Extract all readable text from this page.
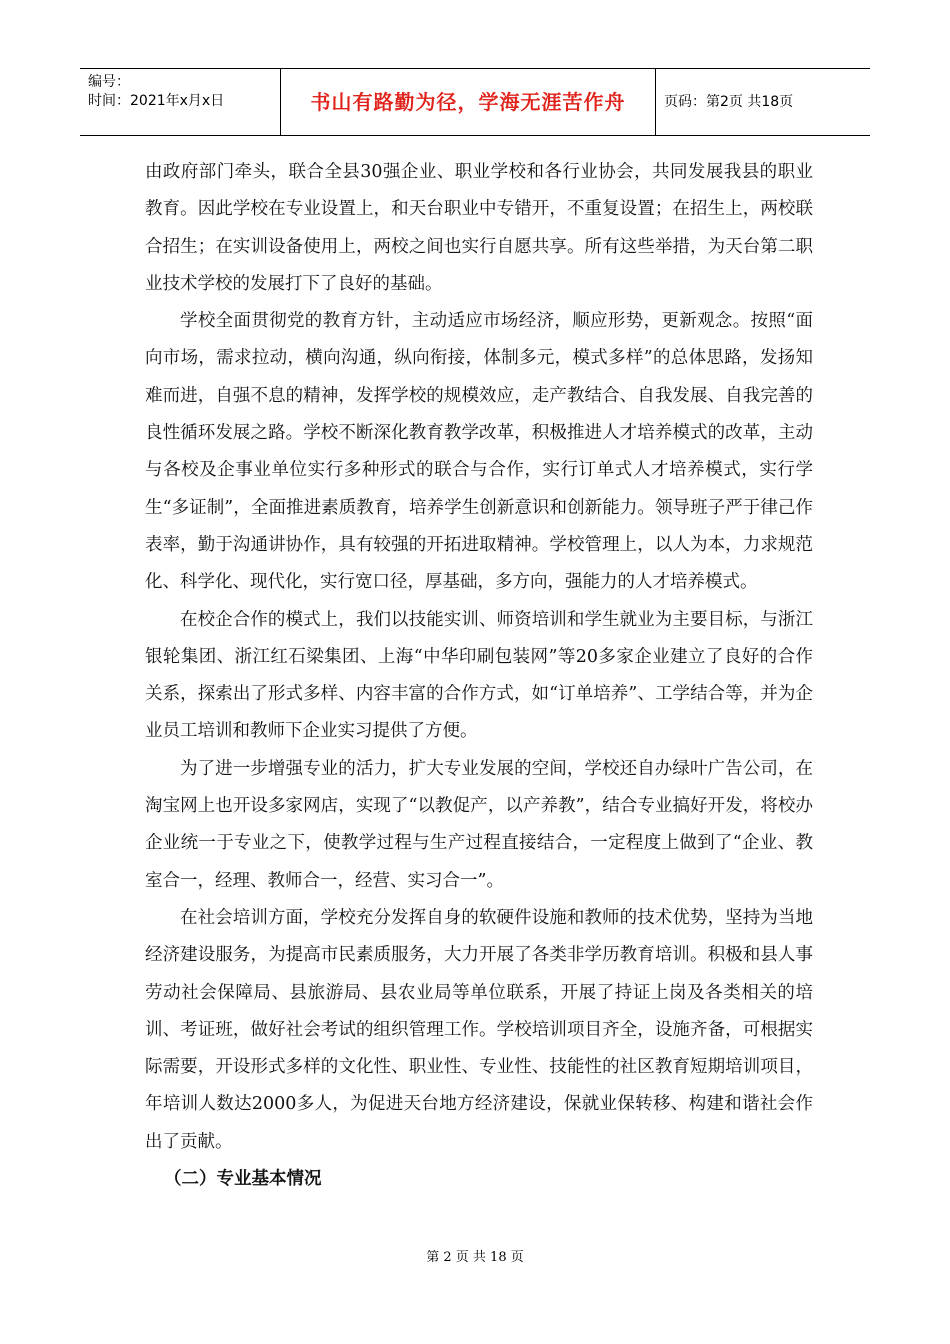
编号：
时间：2021年x月x日	书山有路勤为径，学海无涯苦作舟	页码：第2页 共18页

由政府部门牵头，联合全县30强企业、职业学校和各行业协会，共同发展我县的职业教育。因此学校在专业设置上，和天台职业中专错开，不重复设置；在招生上，两校联合招生；在实训设备使用上，两校之间也实行自愿共享。所有这些举措，为天台第二职业技术学校的发展打下了良好的基础。

学校全面贯彻党的教育方针，主动适应市场经济，顺应形势，更新观念。按照“面向市场，需求拉动，横向沟通，纵向衔接，体制多元，模式多样”的总体思路，发扬知难而进，自强不息的精神，发挥学校的规模效应，走产教结合、自我发展、自我完善的良性循环发展之路。学校不断深化教育教学改革，积极推进人才培养模式的改革，主动与各校及企事业单位实行多种形式的联合与合作，实行订单式人才培养模式，实行学生“多证制”，全面推进素质教育，培养学生创新意识和创新能力。领导班子严于律己作表率，勤于沟通讲协作，具有较强的开拓进取精神。学校管理上，以人为本，力求规范化、科学化、现代化，实行宽口径，厚基础，多方向，强能力的人才培养模式。

在校企合作的模式上，我们以技能实训、师资培训和学生就业为主要目标，与浙江银轮集团、浙江红石梁集团、上海“中华印刷包装网”等20多家企业建立了良好的合作关系，探索出了形式多样、内容丰富的合作方式，如“订单培养”、工学结合等，并为企业员工培训和教师下企业实习提供了方便。

为了进一步增强专业的活力，扩大专业发展的空间，学校还自办绿叶广告公司，在淘宝网上也开设多家网店，实现了“以教促产，以产养教”，结合专业搞好开发，将校办企业统一于专业之下，使教学过程与生产过程直接结合，一定程度上做到了“企业、教室合一，经理、教师合一，经营、实习合一”。

在社会培训方面，学校充分发挥自身的软硬件设施和教师的技术优势，坚持为当地经济建设服务，为提高市民素质服务，大力开展了各类非学历教育培训。积极和县人事劳动社会保障局、县旅游局、县农业局等单位联系，开展了持证上岗及各类相关的培训、考证班，做好社会考试的组织管理工作。学校培训项目齐全，设施齐备，可根据实际需要，开设形式多样的文化性、职业性、专业性、技能性的社区教育短期培训项目，年培训人数达2000多人，为促进天台地方经济建设，保就业保转移、构建和谐社会作出了贡献。

（二）专业基本情况
第 2 页 共 18 页
